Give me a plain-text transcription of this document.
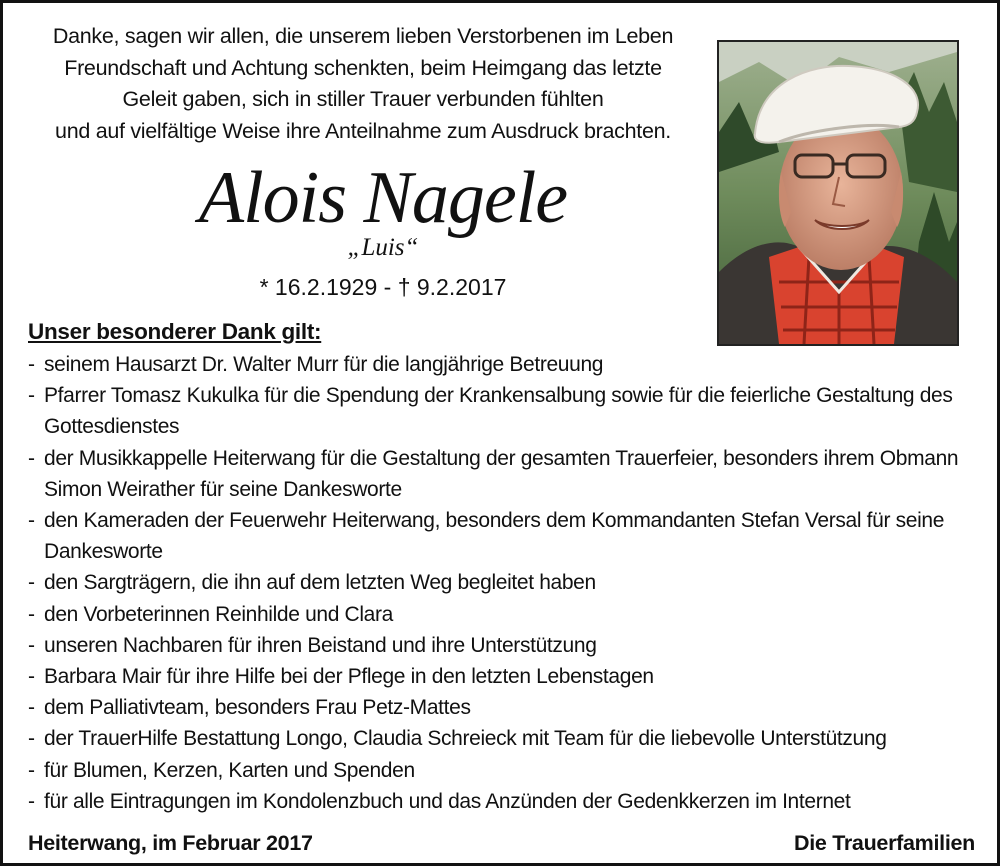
Danke, sagen wir allen, die unserem lieben Verstorbenen im Leben
Freundschaft und Achtung schenkten, beim Heimgang das letzte
Geleit gaben, sich in stiller Trauer verbunden fühlten
und auf vielfältige Weise ihre Anteilnahme zum Ausdruck brachten.
Alois Nagele
„Luis“
* 16.2.1929 - † 9.2.2017
Unser besonderer Dank gilt:
- seinem Hausarzt Dr. Walter Murr für die langjährige Betreuung
- Pfarrer Tomasz Kukulka für die Spendung der Krankensalbung sowie für die feierliche Gestaltung des Gottesdienstes
- der Musikkappelle Heiterwang für die Gestaltung der gesamten Trauerfeier, besonders ihrem Obmann Simon Weirather für seine Dankesworte
- den Kameraden der Feuerwehr Heiterwang, besonders dem Kommandanten Stefan Versal für seine Dankesworte
- den Sargträgern, die ihn auf dem letzten Weg begleitet haben
- den Vorbeterinnen Reinhilde und Clara
- unseren Nachbaren für ihren Beistand und ihre Unterstützung
- Barbara Mair für ihre Hilfe bei der Pflege in den letzten Lebenstagen
- dem Palliativteam, besonders Frau Petz-Mattes
- der TrauerHilfe Bestattung Longo, Claudia Schreieck mit Team für die liebevolle Unterstützung
- für Blumen, Kerzen, Karten und Spenden
- für alle Eintragungen im Kondolenzbuch und das Anzünden der Gedenkkerzen im Internet
Heiterwang, im Februar 2017	Die Trauerfamilien
